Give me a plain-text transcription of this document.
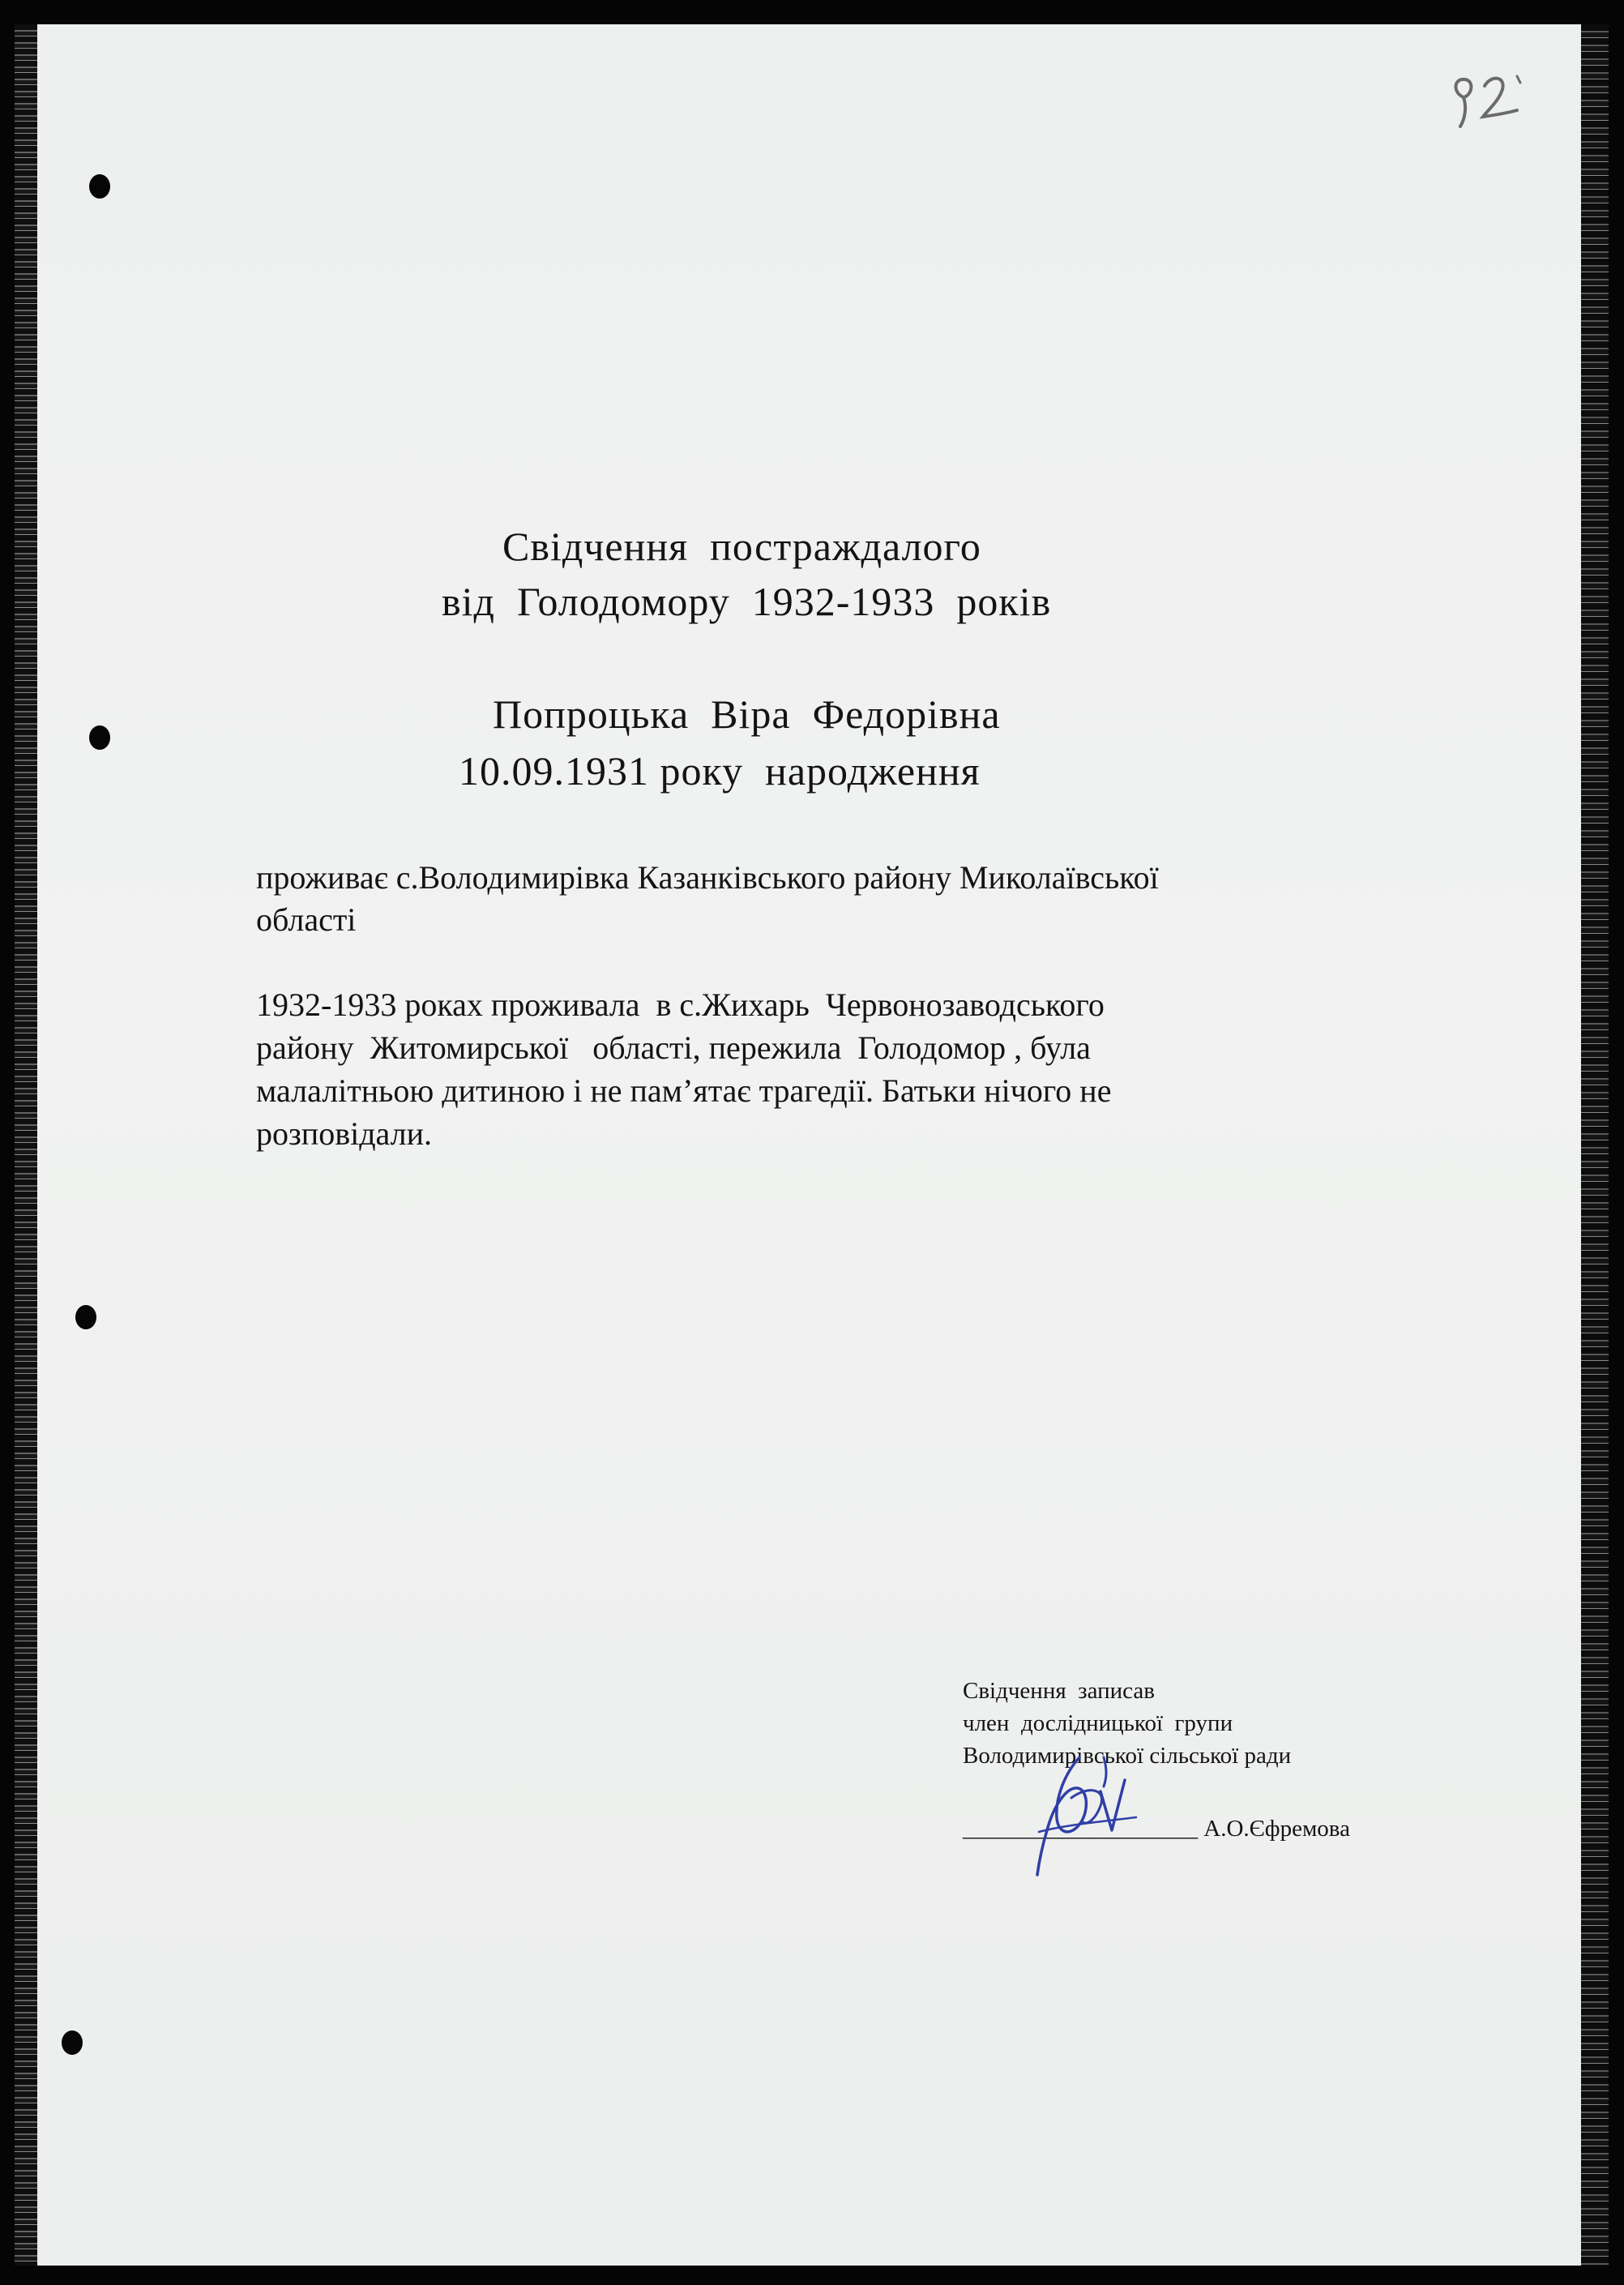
Свідчення  постраждалого
від  Голодомору  1932-1933  років
Попроцька  Віра  Федорівна
10.09.1931 року  народження
проживає с.Володимирівка Казанківського району Миколаївської
області
1932-1933 роках проживала  в с.Жихарь  Червонозаводського
району  Житомирської   області, пережила  Голодомор , була
малалітньою дитиною і не пам’ятає трагедії. Батьки нічого не
розповідали.
Свідчення  записав
член  дослідницької  групи
Володимирівської сільської ради
____________________ А.О.Єфремова
